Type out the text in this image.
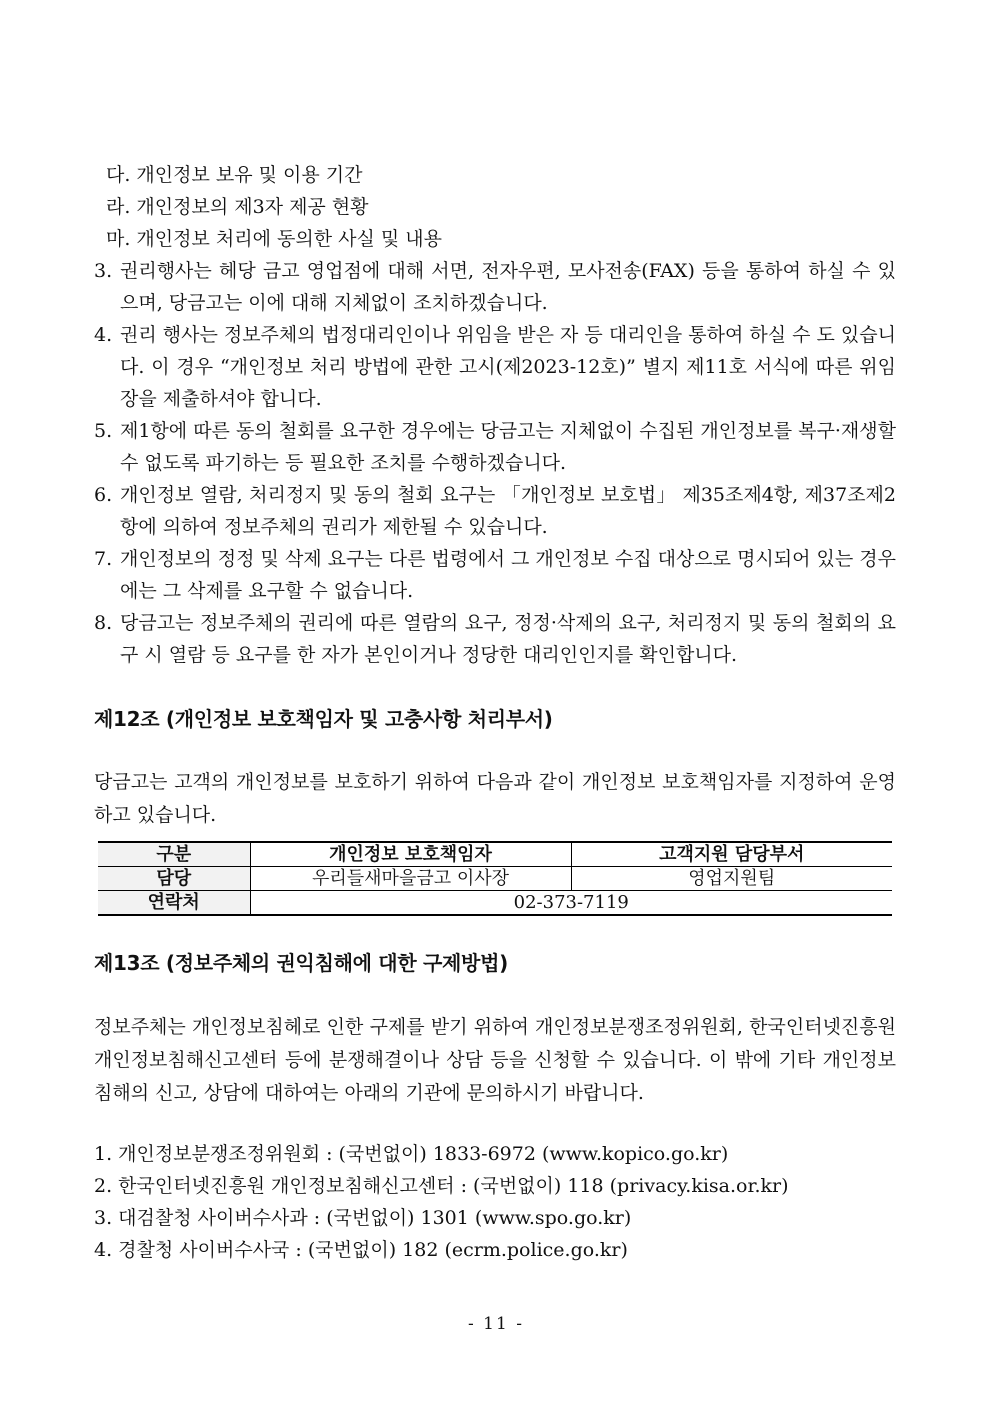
다. 개인정보 보유 및 이용 기간
라. 개인정보의 제3자 제공 현황
마. 개인정보 처리에 동의한 사실 및 내용
3. 권리행사는 헤당 금고 영업점에 대해 서면, 전자우편, 모사전송(FAX) 등을 통하여 하실 수 있으며, 당금고는 이에 대해 지체없이 조치하겠습니다.
4. 권리 행사는 정보주체의 법정대리인이나 위임을 받은 자 등 대리인을 통하여 하실 수 도 있습니다. 이 경우 “개인정보 처리 방법에 관한 고시(제2023-12호)” 별지 제11호 서식에 따른 위임장을 제출하셔야 합니다.
5. 제1항에 따른 동의 철회를 요구한 경우에는 당금고는 지체없이 수집된 개인정보를 복구·재생할 수 없도록 파기하는 등 필요한 조치를 수행하겠습니다.
6. 개인정보 열람, 처리정지 및 동의 철회 요구는 「개인정보 보호법」 제35조제4항, 제37조제2항에 의하여 정보주체의 권리가 제한될 수 있습니다.
7. 개인정보의 정정 및 삭제 요구는 다른 법령에서 그 개인정보 수집 대상으로 명시되어 있는 경우에는 그 삭제를 요구할 수 없습니다.
8. 당금고는 정보주체의 권리에 따른 열람의 요구, 정정·삭제의 요구, 처리정지 및 동의 철회의 요구 시 열람 등 요구를 한 자가 본인이거나 정당한 대리인인지를 확인합니다.
제12조 (개인정보 보호책임자 및 고충사항 처리부서)
당금고는 고객의 개인정보를 보호하기 위하여 다음과 같이 개인정보 보호책임자를 지정하여 운영하고 있습니다.
구분	개인정보 보호책임자	고객지원 담당부서
담당	우리들새마을금고 이사장	영업지원팀
연락처	02-373-7119	
제13조 (정보주체의 권익침해에 대한 구제방법)
정보주체는 개인정보침헤로 인한 구제를 받기 위하여 개인정보분쟁조정위원회, 한국인터넷진흥원 개인정보침해신고센터 등에 분쟁해결이나 상담 등을 신청할 수 있습니다. 이 밖에 기타 개인정보침해의 신고, 상담에 대하여는 아래의 기관에 문의하시기 바랍니다.
1. 개인정보분쟁조정위원회 : (국번없이) 1833-6972 (www.kopico.go.kr)
2. 한국인터넷진흥원 개인정보침해신고센터 : (국번없이) 118 (privacy.kisa.or.kr)
3. 대검찰청 사이버수사과 : (국번없이) 1301 (www.spo.go.kr)
4. 경찰청 사이버수사국 : (국번없이) 182 (ecrm.police.go.kr)
- 11 -
